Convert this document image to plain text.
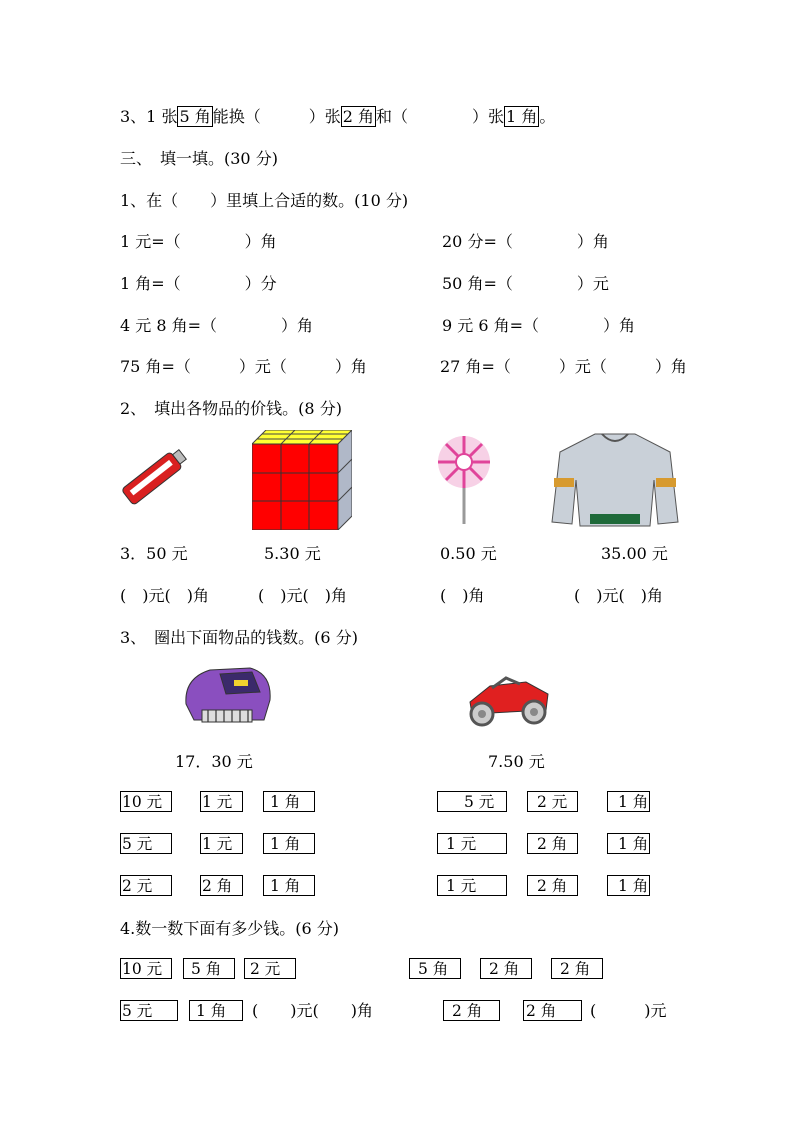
3、1 张 5 角 能换（　　　）张 2 角 和（　　　　）张 1 角 。
三、　填一填。(30 分)
1、在（　　）里填上合适的数。(10 分)
1 元=（　　　　）角	20 分=（　　　　）角
1 角=（　　　　）分	50 角=（　　　　）元
4 元 8 角=（　　　　）角	9 元 6 角=（　　　　）角
75 角=（　　　）元（　　　）角	27 角=（　　　）元（　　　）角
2、　填出各物品的价钱。(8 分)
3．50 元	5.30 元	0.50 元	35.00 元
(　)元(　)角	(　)元(　)角	(　)角	(　)元(　)角
3、　圈出下面物品的钱数。(6 分)
17．30 元	7.50 元
10 元	1 元	1 角	5 元	2 元	1 角
5 元	1 元	1 角	1 元	2 角	1 角
2 元	2 角	1 角	1 元	2 角	1 角
4.数一数下面有多少钱。(6 分)
10 元	5 角	2 元	5 角	2 角	2 角
5 元	1 角	(　　)元(　　)角	2 角	2 角	(　　　)元
